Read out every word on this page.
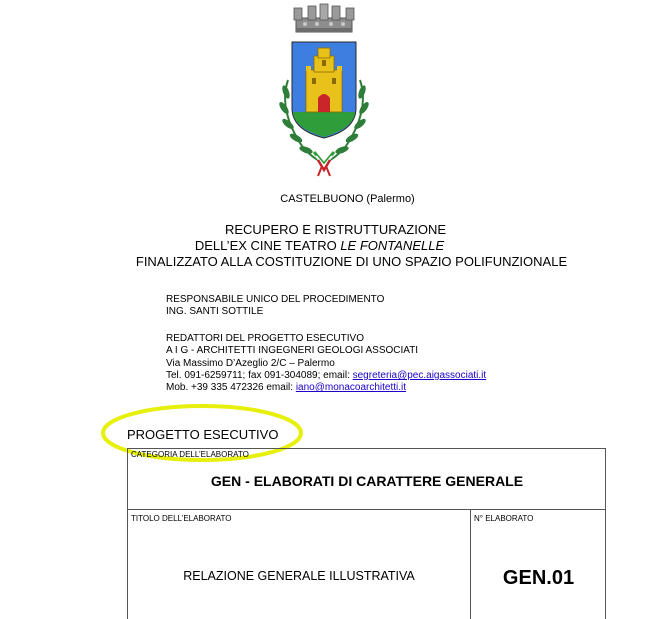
CASTELBUONO (Palermo)
RECUPERO E RISTRUTTURAZIONE
DELL’EX CINE TEATRO LE FONTANELLE
FINALIZZATO ALLA COSTITUZIONE DI UNO SPAZIO POLIFUNZIONALE
RESPONSABILE UNICO DEL PROCEDIMENTO
ING. SANTI SOTTILE
REDATTORI DEL PROGETTO ESECUTIVO
A I G - ARCHITETTI INGEGNERI GEOLOGI ASSOCIATI
Via Massimo D’Azeglio 2/C – Palermo
Tel. 091-6259711; fax 091-304089; email: segreteria@pec.aigassociati.it
Mob. +39 335 472326 email: iano@monacoarchitetti.it
PROGETTO ESECUTIVO
CATEGORIA DELL’ELABORATO
GEN - ELABORATI DI CARATTERE GENERALE
TITOLO DELL’ELABORATO	N° ELABORATO
RELAZIONE GENERALE ILLUSTRATIVA	GEN.01
